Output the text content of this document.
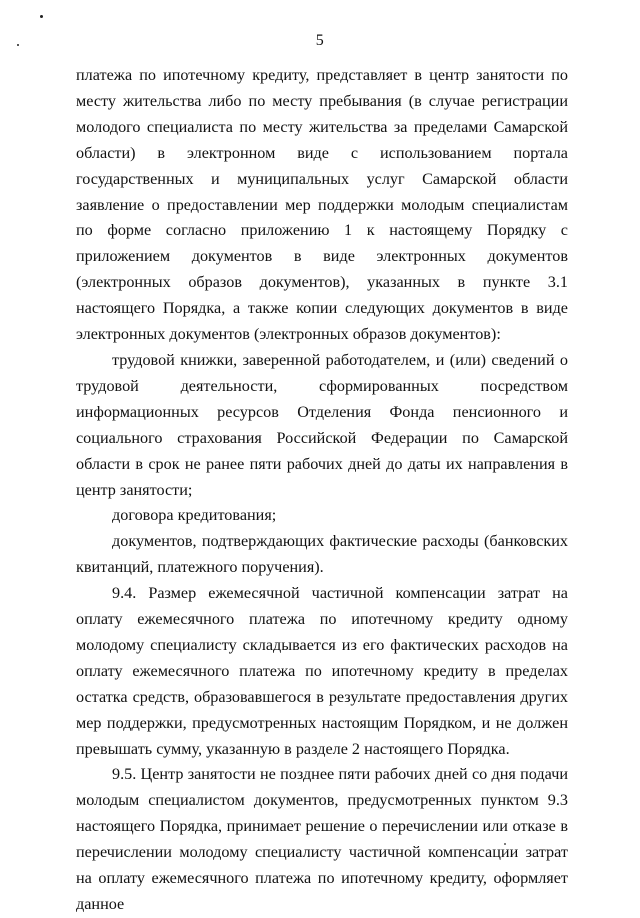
5

платежа по ипотечному кредиту, представляет в центр занятости по месту жительства либо по месту пребывания (в случае регистрации молодого специалиста по месту жительства за пределами Самарской области) в электронном виде с использованием портала государственных и муниципальных услуг Самарской области заявление о предоставлении мер поддержки молодым специалистам по форме согласно приложению 1 к настоящему Порядку с приложением документов в виде электронных документов (электронных образов документов), указанных в пункте 3.1 настоящего Порядка, а также копии следующих документов в виде электронных документов (электронных образов документов):

трудовой книжки, заверенной работодателем, и (или) сведений о трудовой деятельности, сформированных посредством информационных ресурсов Отделения Фонда пенсионного и социального страхования Российской Федерации по Самарской области в срок не ранее пяти рабочих дней до даты их направления в центр занятости;

договора кредитования;

документов, подтверждающих фактические расходы (банковских квитанций, платежного поручения).

9.4. Размер ежемесячной частичной компенсации затрат на оплату ежемесячного платежа по ипотечному кредиту одному молодому специалисту складывается из его фактических расходов на оплату ежемесячного платежа по ипотечному кредиту в пределах остатка средств, образовавшегося в результате предоставления других мер поддержки, предусмотренных настоящим Порядком, и не должен превышать сумму, указанную в разделе 2 настоящего Порядка.

9.5. Центр занятости не позднее пяти рабочих дней со дня подачи молодым специалистом документов, предусмотренных пунктом 9.3 настоящего Порядка, принимает решение о перечислении или отказе в перечислении молодому специалисту частичной компенсации затрат на оплату ежемесячного платежа по ипотечному кредиту, оформляет данное
